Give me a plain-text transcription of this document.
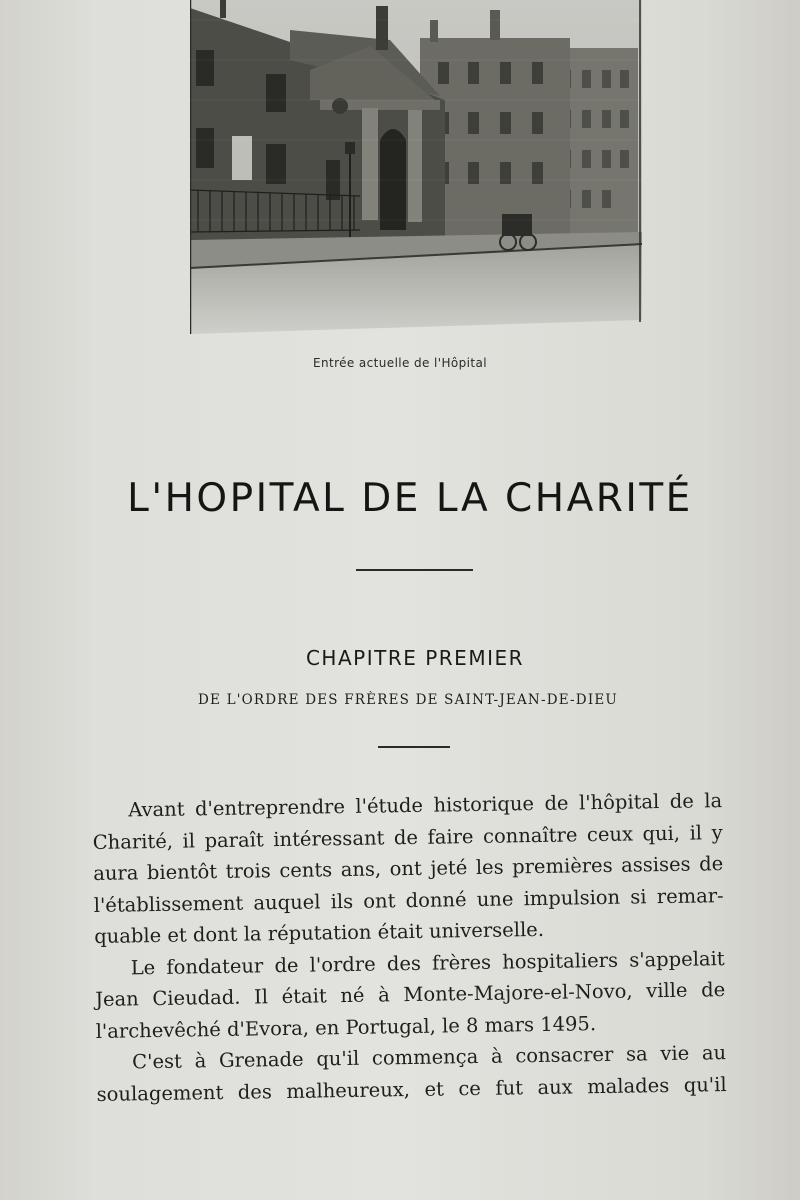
Entrée actuelle de l'Hôpital
L'HOPITAL DE LA CHARITÉ
CHAPITRE PREMIER
DE L'ORDRE DES FRÈRES DE SAINT-JEAN-DE-DIEU
Avant d'entreprendre l'étude historique de l'hôpital de la
Charité, il paraît intéressant de faire connaître ceux qui, il y
aura bientôt trois cents ans, ont jeté les premières assises de
l'établissement auquel ils ont donné une impulsion si remar-
quable et dont la réputation était universelle.
Le fondateur de l'ordre des frères hospitaliers s'appelait
Jean Cieudad. Il était né à Monte-Majore-el-Novo, ville de
l'archevêché d'Evora, en Portugal, le 8 mars 1495.
C'est à Grenade qu'il commença à consacrer sa vie au
soulagement des malheureux, et ce fut aux malades qu'il
